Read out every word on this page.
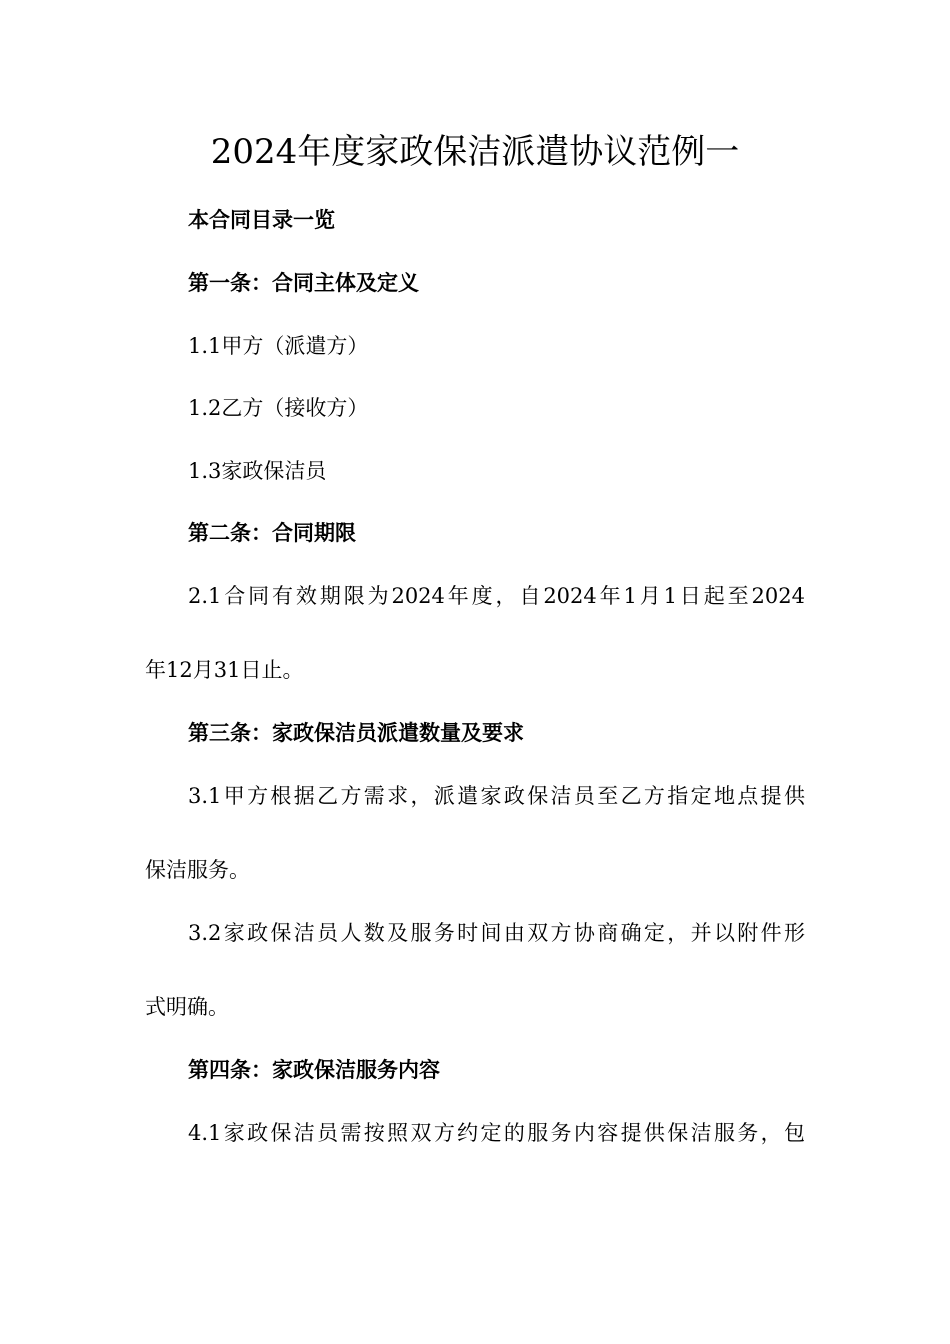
2024年度家政保洁派遣协议范例一
本合同目录一览
第一条：合同主体及定义
1.1甲方（派遣方）
1.2乙方（接收方）
1.3家政保洁员
第二条：合同期限
2.1合同有效期限为2024年度，自2024年1月1日起至2024
年12月31日止。
第三条：家政保洁员派遣数量及要求
3.1甲方根据乙方需求，派遣家政保洁员至乙方指定地点提供
保洁服务。
3.2家政保洁员人数及服务时间由双方协商确定，并以附件形
式明确。
第四条：家政保洁服务内容
4.1家政保洁员需按照双方约定的服务内容提供保洁服务，包
